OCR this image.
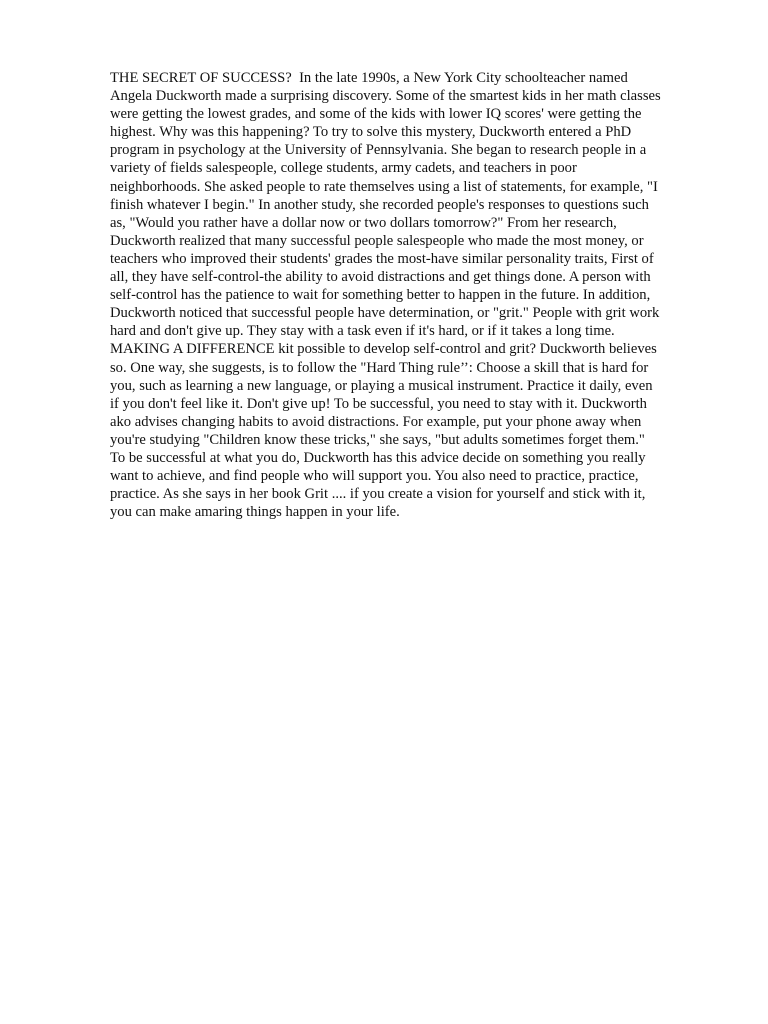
THE SECRET OF SUCCESS?  In the late 1990s, a New York City schoolteacher named
Angela Duckworth made a surprising discovery. Some of the smartest kids in her math classes
were getting the lowest grades, and some of the kids with lower IQ scores' were getting the
highest. Why was this happening? To try to solve this mystery, Duckworth entered a PhD
program in psychology at the University of Pennsylvania. She began to research people in a
variety of fields salespeople, college students, army cadets, and teachers in poor
neighborhoods. She asked people to rate themselves using a list of statements, for example, "I
finish whatever I begin." In another study, she recorded people's responses to questions such
as, "Would you rather have a dollar now or two dollars tomorrow?" From her research,
Duckworth realized that many successful people salespeople who made the most money, or
teachers who improved their students' grades the most-have similar personality traits, First of
all, they have self-control-the ability to avoid distractions and get things done. A person with
self-control has the patience to wait for something better to happen in the future. In addition,
Duckworth noticed that successful people have determination, or "grit." People with grit work
hard and don't give up. They stay with a task even if it's hard, or if it takes a long time.
MAKING A DIFFERENCE kit possible to develop self-control and grit? Duckworth believes
so. One way, she suggests, is to follow the "Hard Thing rule’’: Choose a skill that is hard for
you, such as learning a new language, or playing a musical instrument. Practice it daily, even
if you don't feel like it. Don't give up! To be successful, you need to stay with it. Duckworth
ako advises changing habits to avoid distractions. For example, put your phone away when
you're studying "Children know these tricks," she says, "but adults sometimes forget them."
To be successful at what you do, Duckworth has this advice decide on something you really
want to achieve, and find people who will support you. You also need to practice, practice,
practice. As she says in her book Grit .... if you create a vision for yourself and stick with it,
you can make amaring things happen in your life.
